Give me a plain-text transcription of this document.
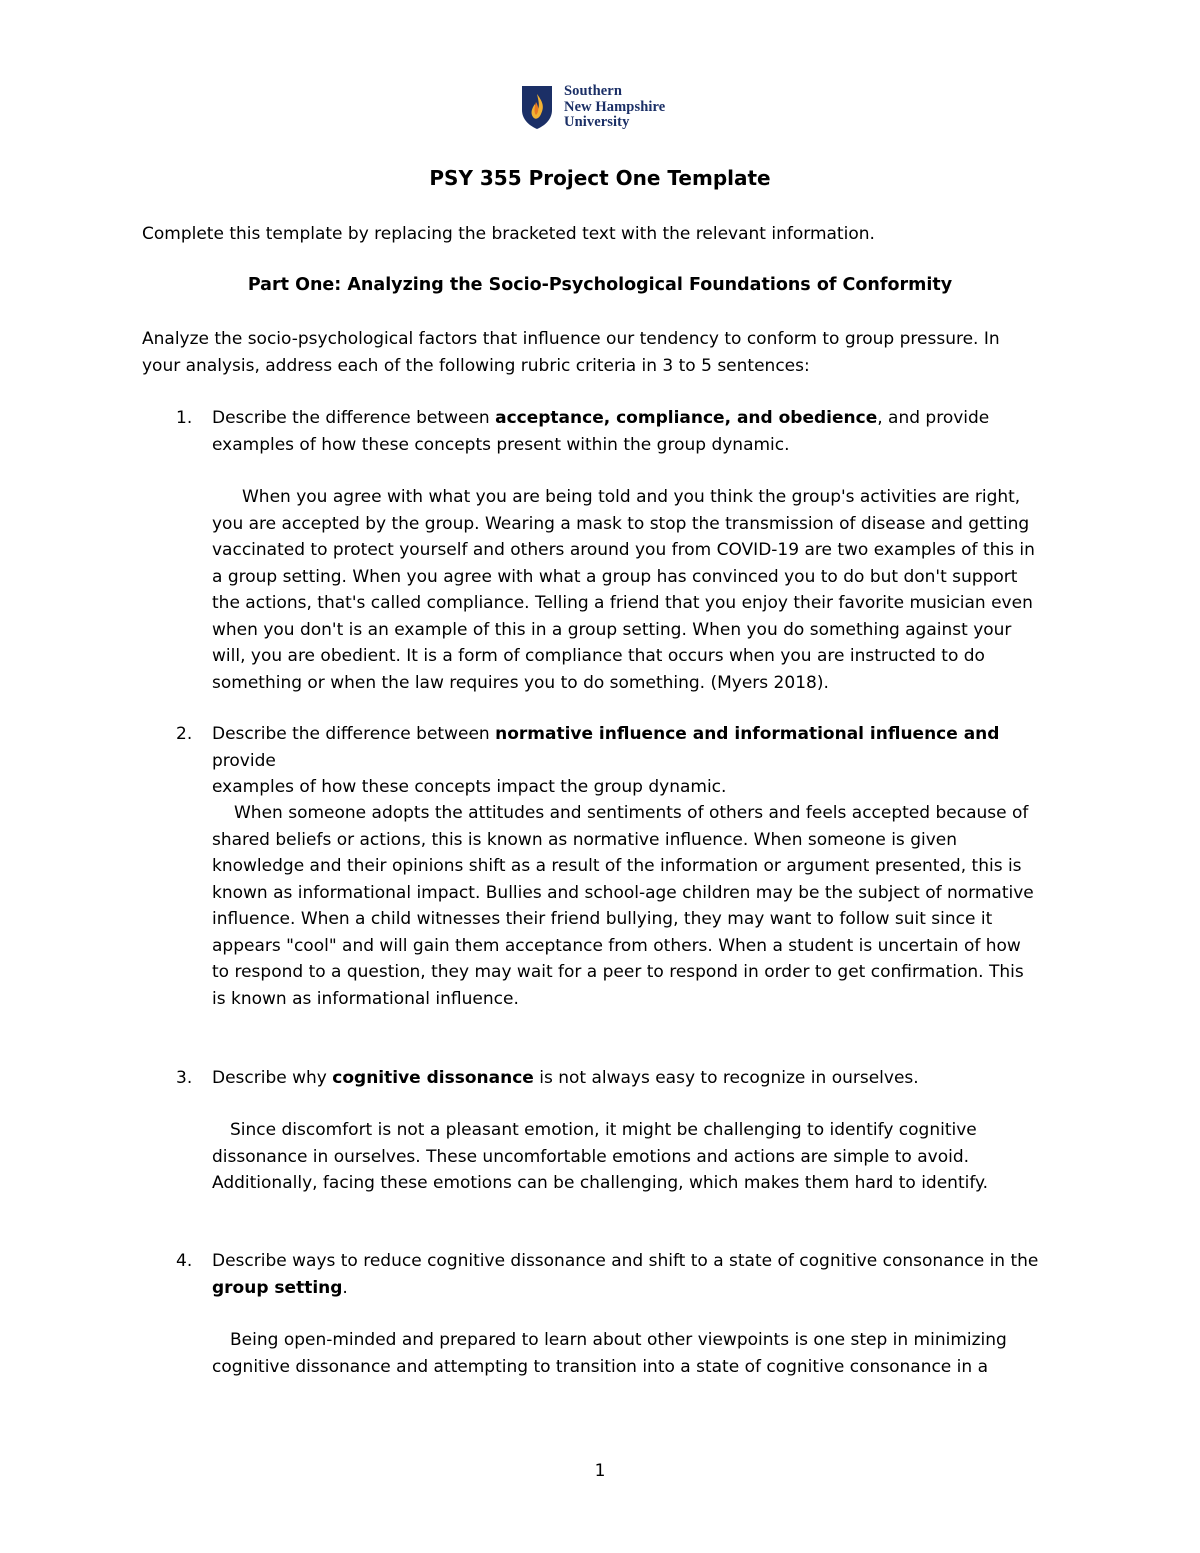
Southern
New Hampshire
University
PSY 355 Project One Template
Complete this template by replacing the bracketed text with the relevant information.
Part One: Analyzing the Socio-Psychological Foundations of Conformity
Analyze the socio-psychological factors that influence our tendency to conform to group pressure. In
your analysis, address each of the following rubric criteria in 3 to 5 sentences:
1. Describe the difference between acceptance, compliance, and obedience, and provide
examples of how these concepts present within the group dynamic.
When you agree with what you are being told and you think the group's activities are right,
you are accepted by the group. Wearing a mask to stop the transmission of disease and getting
vaccinated to protect yourself and others around you from COVID-19 are two examples of this in
a group setting. When you agree with what a group has convinced you to do but don't support
the actions, that's called compliance. Telling a friend that you enjoy their favorite musician even
when you don't is an example of this in a group setting. When you do something against your
will, you are obedient. It is a form of compliance that occurs when you are instructed to do
something or when the law requires you to do something. (Myers 2018).
2. Describe the difference between normative influence and informational influence and provide
examples of how these concepts impact the group dynamic.
When someone adopts the attitudes and sentiments of others and feels accepted because of
shared beliefs or actions, this is known as normative influence. When someone is given
knowledge and their opinions shift as a result of the information or argument presented, this is
known as informational impact. Bullies and school-age children may be the subject of normative
influence. When a child witnesses their friend bullying, they may want to follow suit since it
appears "cool" and will gain them acceptance from others. When a student is uncertain of how
to respond to a question, they may wait for a peer to respond in order to get confirmation. This
is known as informational influence.
3. Describe why cognitive dissonance is not always easy to recognize in ourselves.
Since discomfort is not a pleasant emotion, it might be challenging to identify cognitive
dissonance in ourselves. These uncomfortable emotions and actions are simple to avoid.
Additionally, facing these emotions can be challenging, which makes them hard to identify.
4. Describe ways to reduce cognitive dissonance and shift to a state of cognitive consonance in the
group setting.
Being open-minded and prepared to learn about other viewpoints is one step in minimizing
cognitive dissonance and attempting to transition into a state of cognitive consonance in a
1
